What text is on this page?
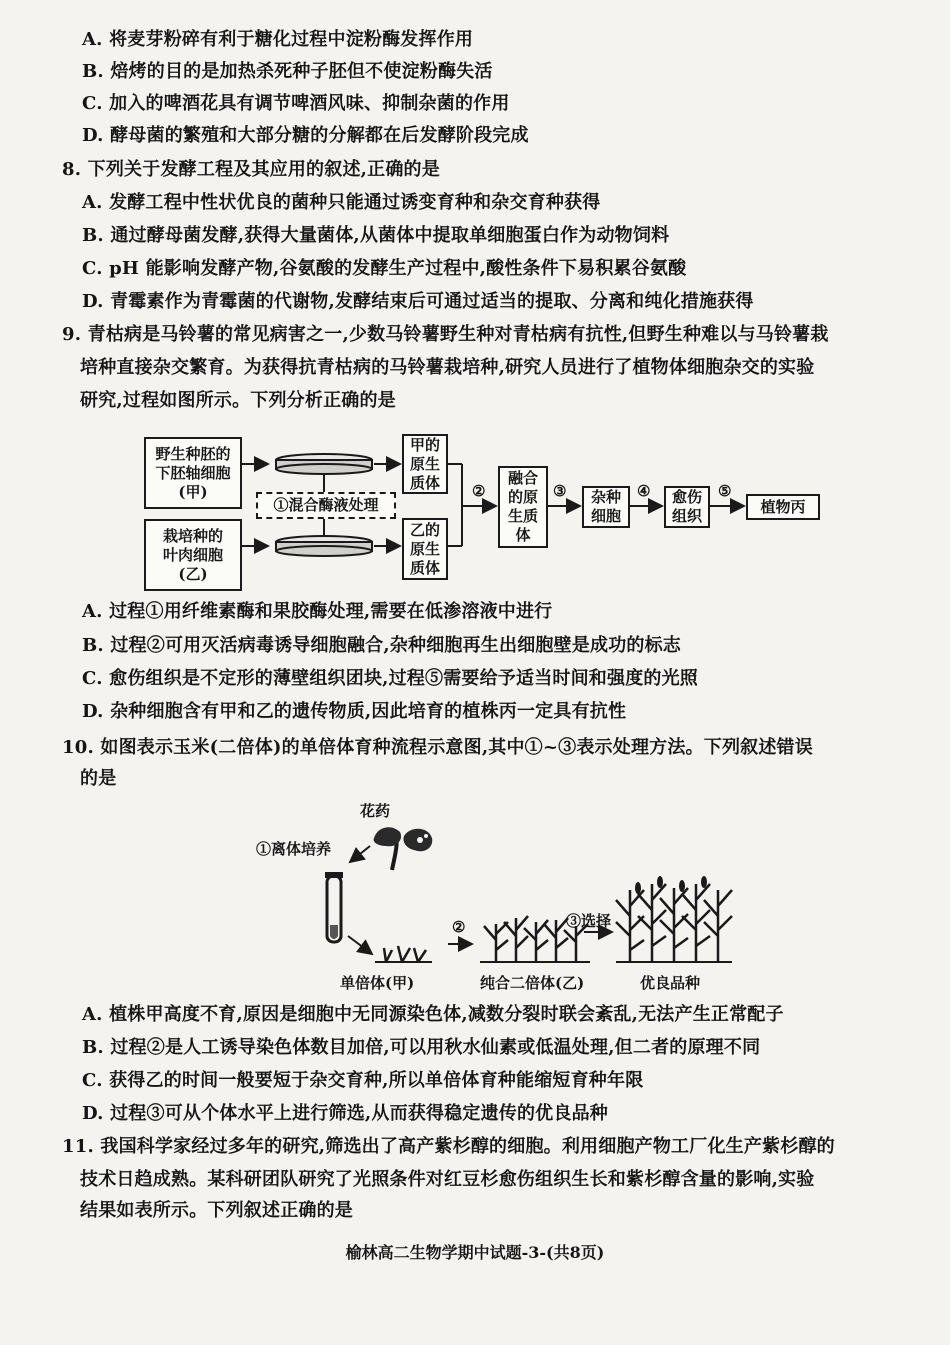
A. 将麦芽粉碎有利于糖化过程中淀粉酶发挥作用
B. 焙烤的目的是加热杀死种子胚但不使淀粉酶失活
C. 加入的啤酒花具有调节啤酒风味、抑制杂菌的作用
D. 酵母菌的繁殖和大部分糖的分解都在后发酵阶段完成
8. 下列关于发酵工程及其应用的叙述,正确的是
A. 发酵工程中性状优良的菌种只能通过诱变育种和杂交育种获得
B. 通过酵母菌发酵,获得大量菌体,从菌体中提取单细胞蛋白作为动物饲料
C. pH 能影响发酵产物,谷氨酸的发酵生产过程中,酸性条件下易积累谷氨酸
D. 青霉素作为青霉菌的代谢物,发酵结束后可通过适当的提取、分离和纯化措施获得
9. 青枯病是马铃薯的常见病害之一,少数马铃薯野生种对青枯病有抗性,但野生种难以与马铃薯栽
培种直接杂交繁育。为获得抗青枯病的马铃薯栽培种,研究人员进行了植物体细胞杂交的实验
研究,过程如图所示。下列分析正确的是
野生种胚的
下胚轴细胞
(甲)
栽培种的
叶肉细胞
(乙)
①混合酶液处理
甲的
原生
质体
乙的
原生
质体
融合
的原
生质
体
杂种
细胞
愈伤
组织
植物丙
②	③	④	⑤
A. 过程①用纤维素酶和果胶酶处理,需要在低渗溶液中进行
B. 过程②可用灭活病毒诱导细胞融合,杂种细胞再生出细胞壁是成功的标志
C. 愈伤组织是不定形的薄壁组织团块,过程⑤需要给予适当时间和强度的光照
D. 杂种细胞含有甲和乙的遗传物质,因此培育的植株丙一定具有抗性
10. 如图表示玉米(二倍体)的单倍体育种流程示意图,其中①~③表示处理方法。下列叙述错误
的是
花药
①离体培养
②	③选择
单倍体(甲)	纯合二倍体(乙)	优良品种
A. 植株甲高度不育,原因是细胞中无同源染色体,减数分裂时联会紊乱,无法产生正常配子
B. 过程②是人工诱导染色体数目加倍,可以用秋水仙素或低温处理,但二者的原理不同
C. 获得乙的时间一般要短于杂交育种,所以单倍体育种能缩短育种年限
D. 过程③可从个体水平上进行筛选,从而获得稳定遗传的优良品种
11. 我国科学家经过多年的研究,筛选出了高产紫杉醇的细胞。利用细胞产物工厂化生产紫杉醇的
技术日趋成熟。某科研团队研究了光照条件对红豆杉愈伤组织生长和紫杉醇含量的影响,实验
结果如表所示。下列叙述正确的是
榆林高二生物学期中试题-3-(共8页)
